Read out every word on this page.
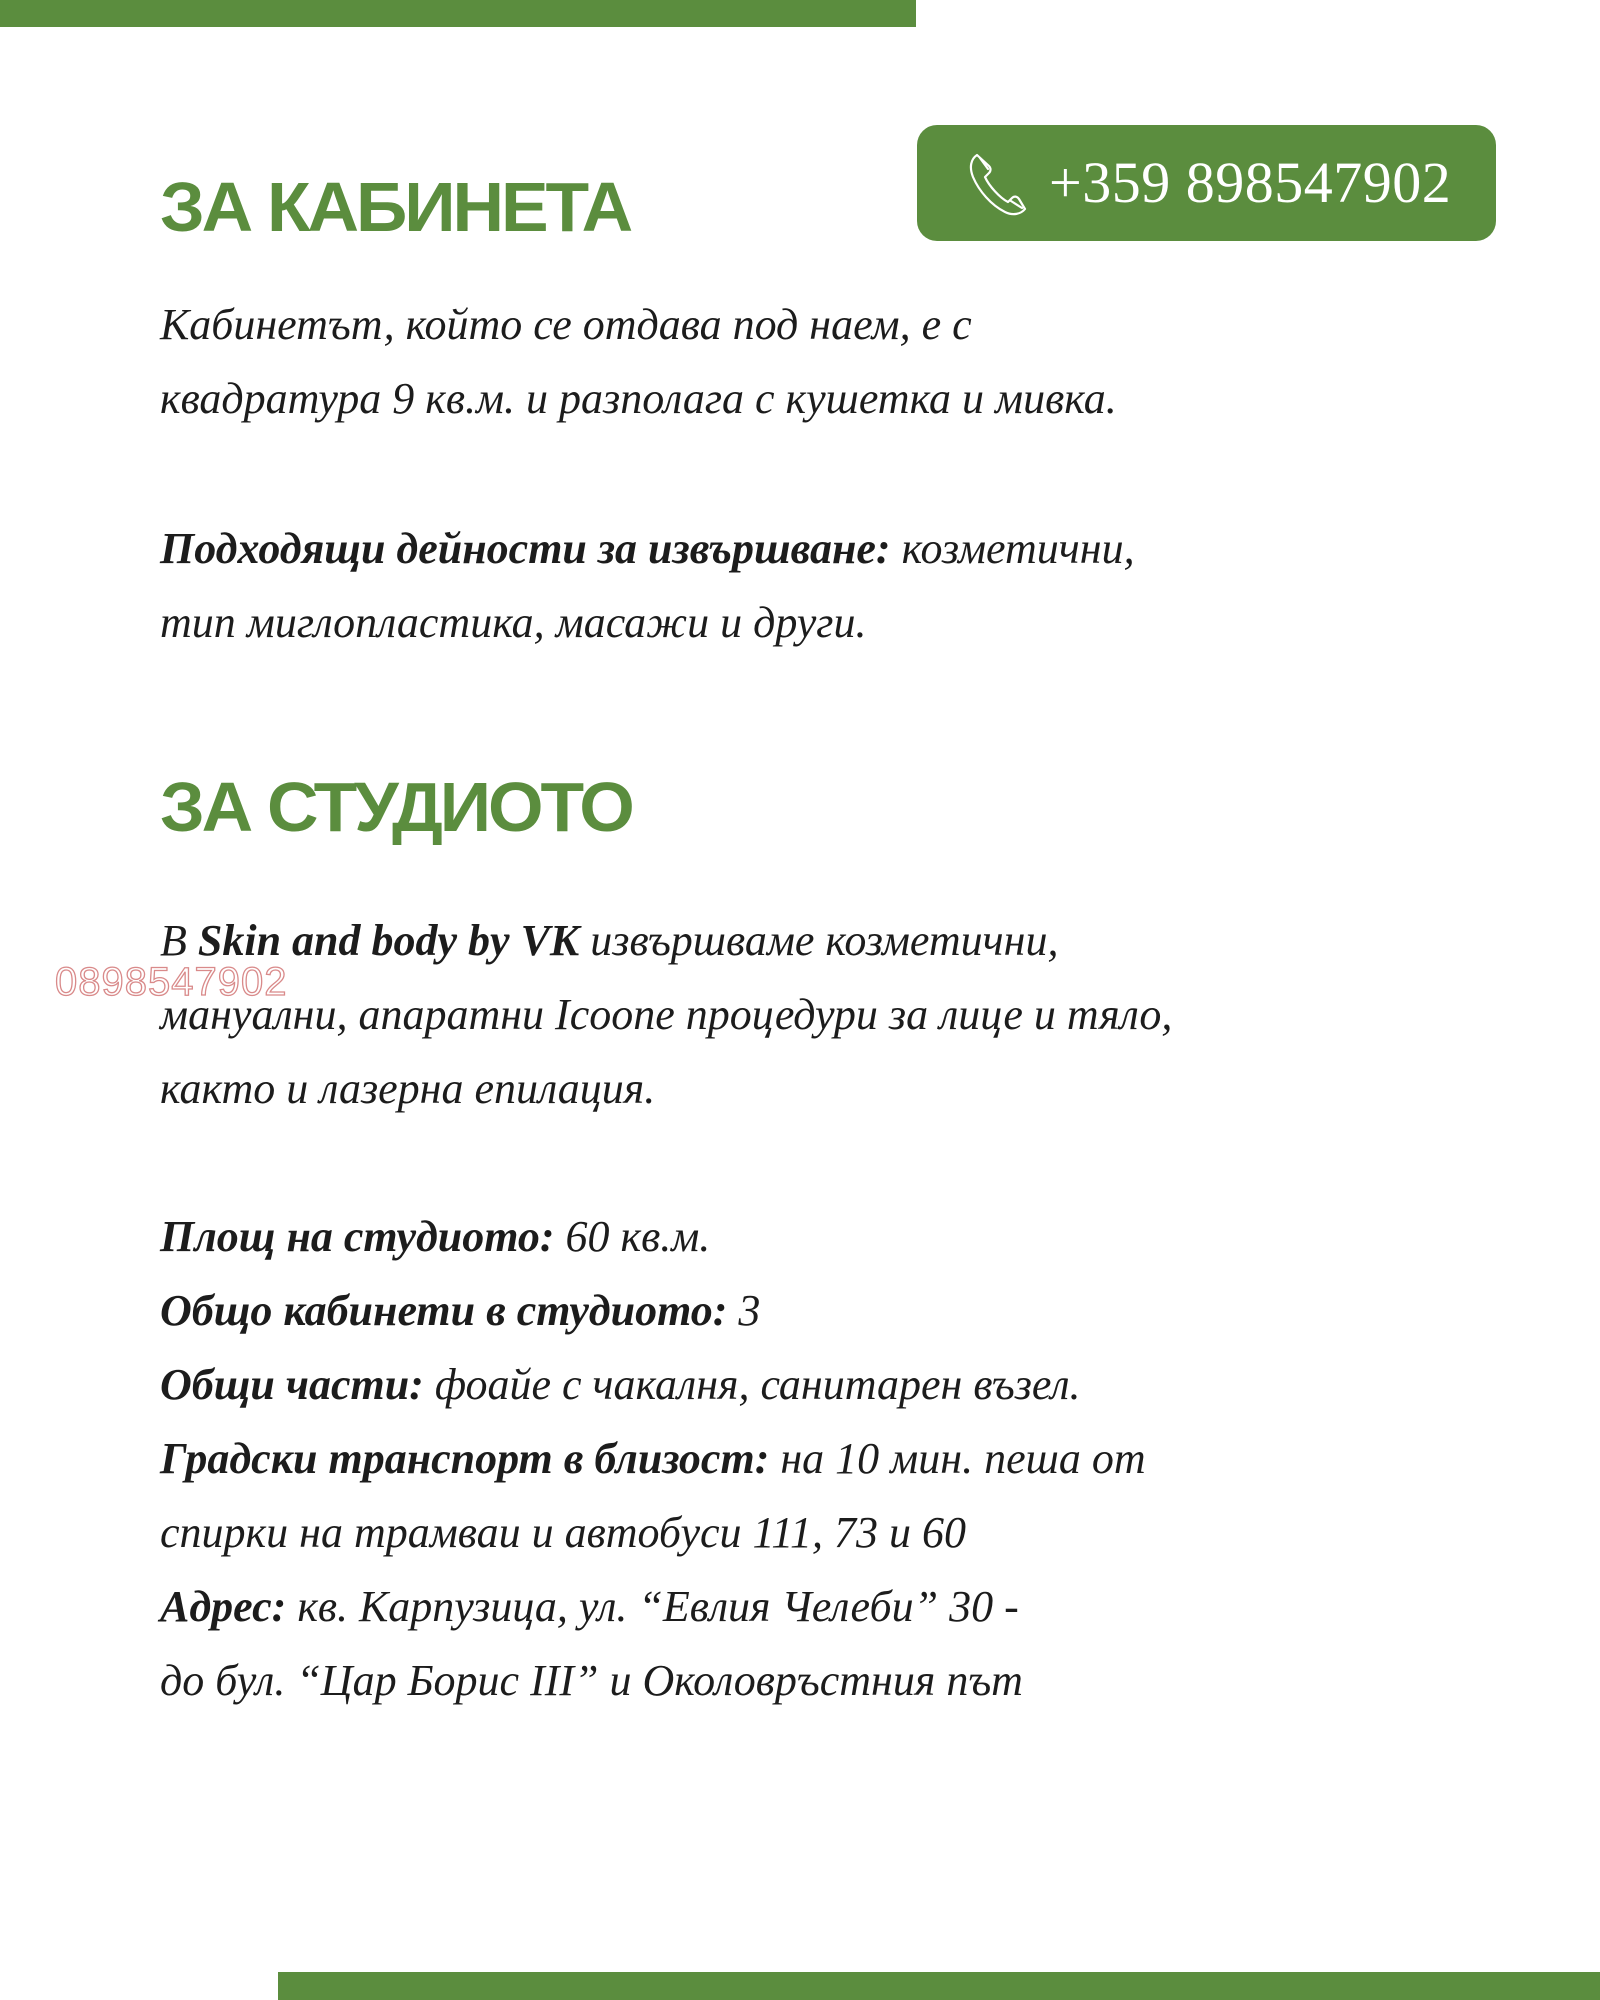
+359 898547902
ЗА КАБИНЕТА

Кабинетът, който се отдава под наем, е с
квадратура 9 кв.м. и разполага с кушетка и мивка.

Подходящи дейности за извършване: козметични,
тип миглопластика, масажи и други.

ЗА СТУДИОТО

В Skin and body by VK извършваме козметични,
мануални, апаратни Icoone процедури за лице и тяло,
както и лазерна епилация.

0898547902

Площ на студиото: 60 кв.м.
Общо кабинети в студиото: 3
Общи части: фоайе с чакалня, санитарен възел.
Градски транспорт в близост: на 10 мин. пеша от
спирки на трамваи и автобуси 111, 73 и 60
Адрес: кв. Карпузица, ул. “Евлия Челеби” 30 -
до бул. “Цар Борис III” и Околовръстния път
